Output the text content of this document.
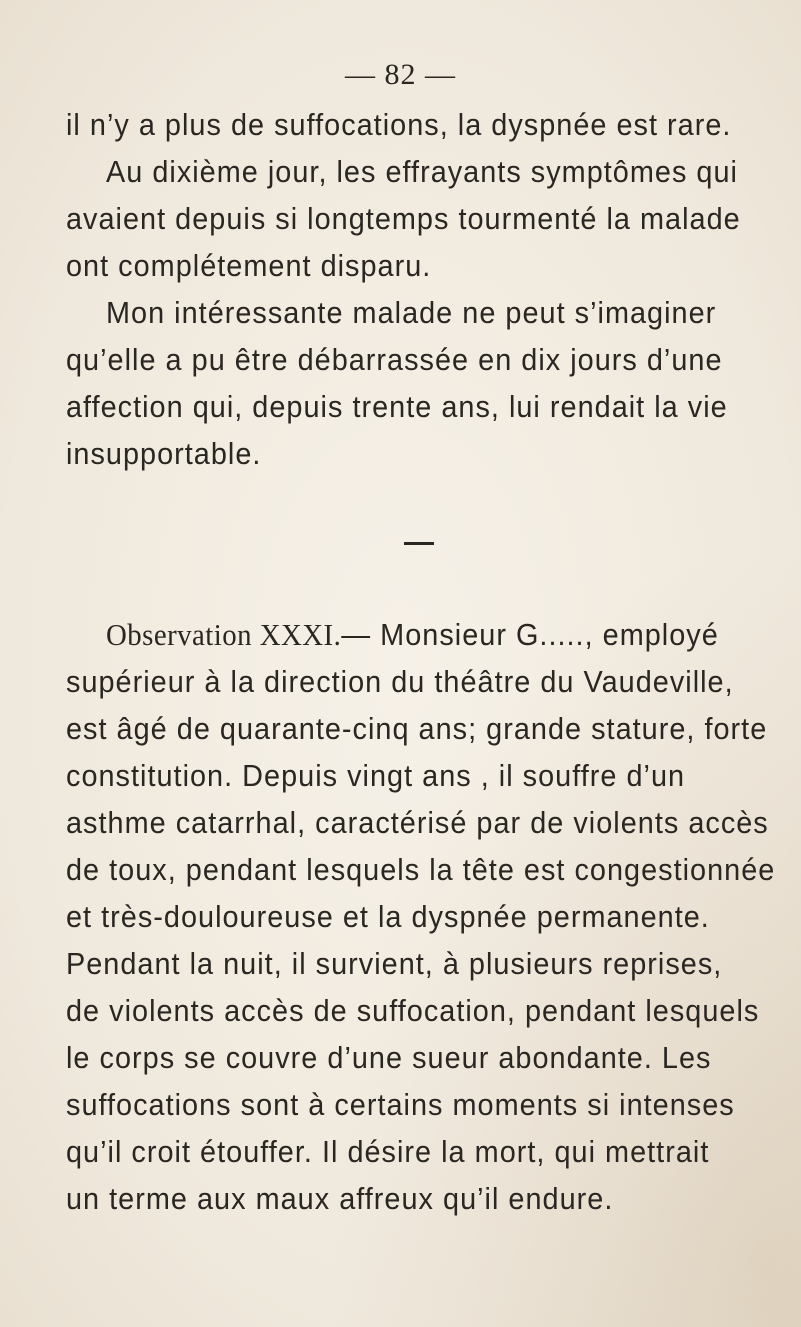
— 82 —
il n’y a plus de suffocations, la dyspnée est rare.
Au dixième jour, les effrayants symptômes qui
avaient depuis si longtemps tourmenté la malade
ont complétement disparu.
Mon intéressante malade ne peut s’imaginer
qu’elle a pu être débarrassée en dix jours d’une
affection qui, depuis trente ans, lui rendait la vie
insupportable.
Observation XXXI.— Monsieur G....., employé
supérieur à la direction du théâtre du Vaudeville,
est âgé de quarante-cinq ans; grande stature, forte
constitution. Depuis vingt ans , il souffre d’un
asthme catarrhal, caractérisé par de violents accès
de toux, pendant lesquels la tête est congestionnée
et très-douloureuse et la dyspnée permanente.
Pendant la nuit, il survient, à plusieurs reprises,
de violents accès de suffocation, pendant lesquels
le corps se couvre d’une sueur abondante. Les
suffocations sont à certains moments si intenses
qu’il croit étouffer. Il désire la mort, qui mettrait
un terme aux maux affreux qu’il endure.
